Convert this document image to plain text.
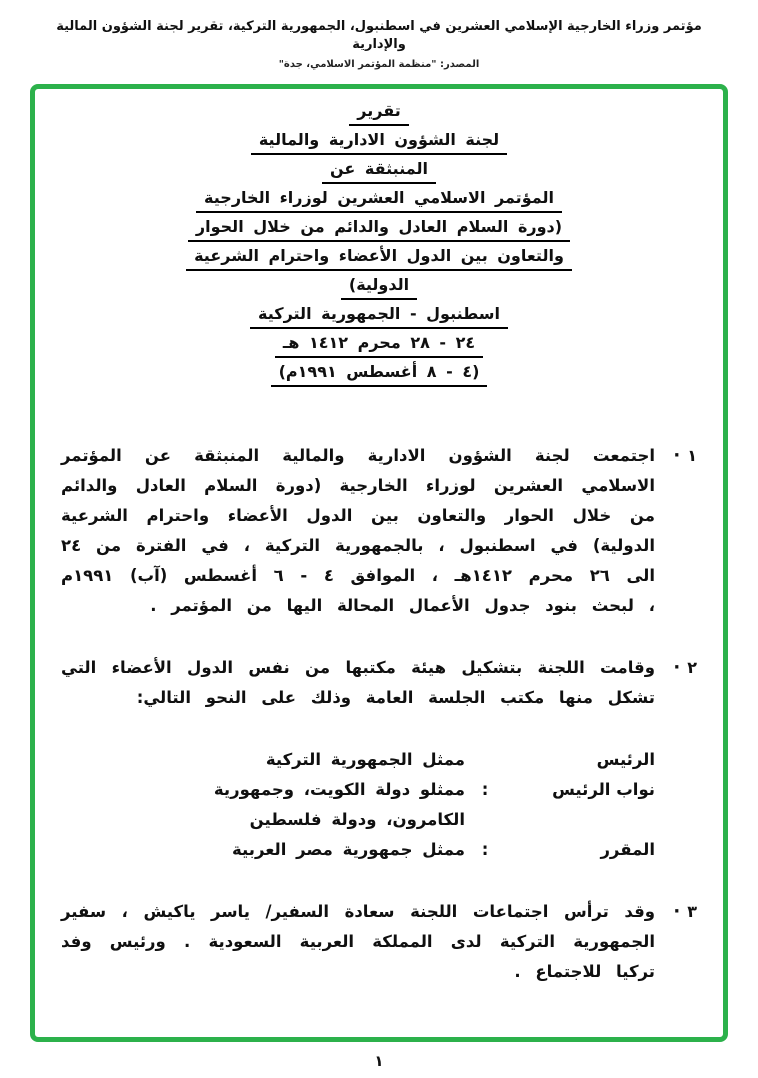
مؤتمر وزراء الخارجية الإسلامي العشرين في اسطنبول، الجمهورية التركية، تقرير لجنة الشؤون المالية والإدارية
المصدر: "منظمة المؤتمر الاسلامي، جدة"
تقرير
لجنة الشؤون الادارية والمالية
المنبثقة عن
المؤتمر الاسلامي العشرين لوزراء الخارجية
(دورة السلام العادل والدائم من خلال الحوار
والتعاون بين الدول الأعضاء واحترام الشرعية
الدولية)
اسطنبول - الجمهورية التركية
٢٤ - ٢٨ محرم ١٤١٢ هـ
(٤ - ٨ أغسطس ١٩٩١م)
١
·
اجتمعت لجنة الشؤون الادارية والمالية المنبثقة عن المؤتمر الاسلامي العشرين لوزراء الخارجية (دورة السلام العادل والدائم من خلال الحوار والتعاون بين الدول الأعضاء واحترام الشرعية الدولية) في اسطنبول ، بالجمهورية التركية ، في الفترة من ٢٤ الى ٢٦ محرم ١٤١٢هـ ، الموافق ٤ - ٦ أغسطس (آب) ١٩٩١م ، لبحث بنود جدول الأعمال المحالة اليها من المؤتمر .
٢
·
وقامت اللجنة بتشكيل هيئة مكتبها من نفس الدول الأعضاء التي تشكل منها مكتب الجلسة العامة وذلك على النحو التالي:
الرئيس
ممثل الجمهورية التركية
نواب الرئيس
:
ممثلو دولة الكويت، وجمهورية الكامرون، ودولة فلسطين
المقرر
:
ممثل جمهورية مصر العربية
٣
·
وقد ترأس اجتماعات اللجنة سعادة السفير/ ياسر ياكيش ، سفير الجمهورية التركية لدى المملكة العربية السعودية . ورئيس وفد تركيا للاجتماع .
١
